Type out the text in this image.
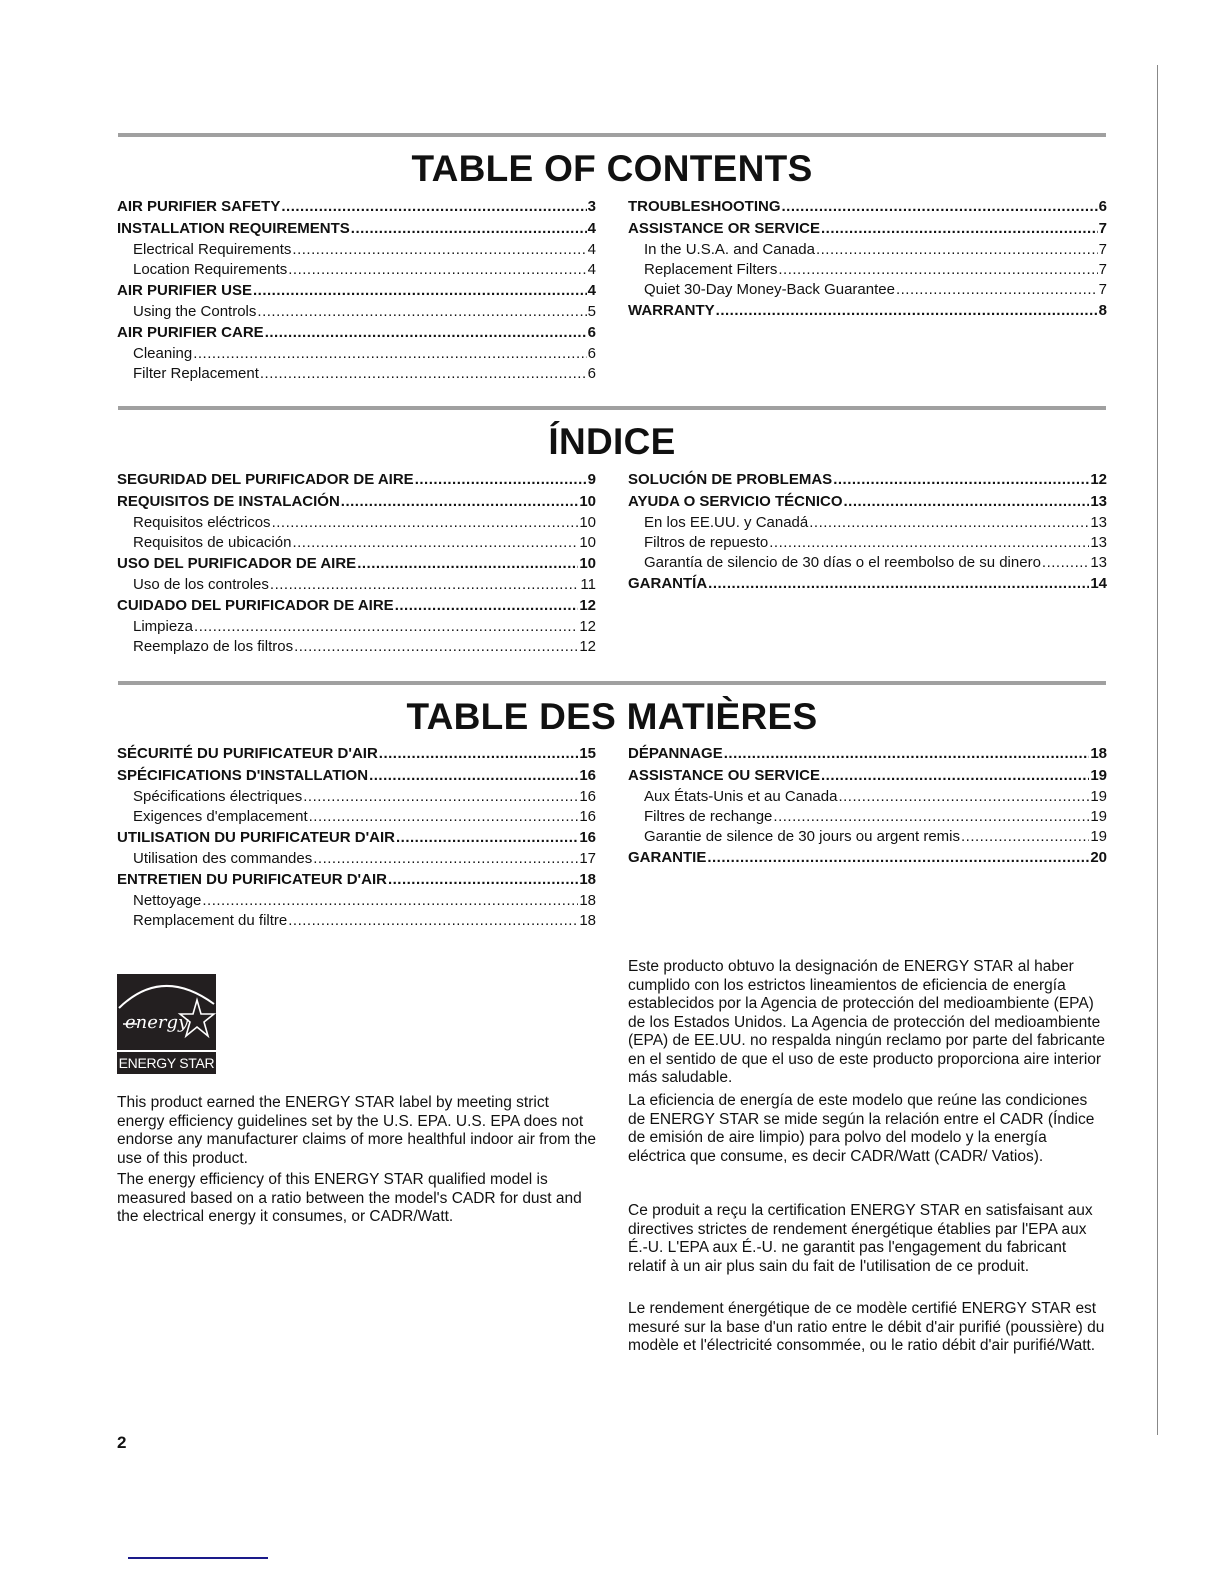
TABLE OF CONTENTS
AIR PURIFIER SAFETY .....	3
INSTALLATION REQUIREMENTS .....	4
Electrical Requirements .....	4
Location Requirements .....	4
AIR PURIFIER USE .....	4
Using the Controls .....	5
AIR PURIFIER CARE .....	6
Cleaning .....	6
Filter Replacement .....	6
TROUBLESHOOTING .....	6
ASSISTANCE OR SERVICE .....	7
In the U.S.A. and Canada .....	7
Replacement Filters .....	7
Quiet 30-Day Money-Back Guarantee .....	7
WARRANTY .....	8
ÍNDICE
SEGURIDAD DEL PURIFICADOR DE AIRE .....	9
REQUISITOS DE INSTALACIÓN .....	10
Requisitos eléctricos .....	10
Requisitos de ubicación .....	10
USO DEL PURIFICADOR DE AIRE .....	10
Uso de los controles .....	11
CUIDADO DEL PURIFICADOR DE AIRE .....	12
Limpieza .....	12
Reemplazo de los filtros .....	12
SOLUCIÓN DE PROBLEMAS .....	12
AYUDA O SERVICIO TÉCNICO .....	13
En los EE.UU. y Canadá .....	13
Filtros de repuesto .....	13
Garantía de silencio de 30 días o el reembolso de su dinero .....	13
GARANTÍA .....	14
TABLE DES MATIÈRES
SÉCURITÉ DU PURIFICATEUR D'AIR .....	15
SPÉCIFICATIONS D'INSTALLATION .....	16
Spécifications électriques .....	16
Exigences d'emplacement .....	16
UTILISATION DU PURIFICATEUR D'AIR .....	16
Utilisation des commandes .....	17
ENTRETIEN DU PURIFICATEUR D'AIR .....	18
Nettoyage .....	18
Remplacement du filtre .....	18
DÉPANNAGE .....	18
ASSISTANCE OU SERVICE .....	19
Aux États-Unis et au Canada .....	19
Filtres de rechange .....	19
Garantie de silence de 30 jours ou argent remis .....	19
GARANTIE .....	20
energy
ENERGY STAR

This product earned the ENERGY STAR label by meeting strict energy efficiency guidelines set by the U.S. EPA. U.S. EPA does not endorse any manufacturer claims of more healthful indoor air from the use of this product.

The energy efficiency of this ENERGY STAR qualified model is measured based on a ratio between the model's CADR for dust and the electrical energy it consumes, or CADR/Watt.

Este producto obtuvo la designación de ENERGY STAR al haber cumplido con los estrictos lineamientos de eficiencia de energía establecidos por la Agencia de protección del medioambiente (EPA) de los Estados Unidos. La Agencia de protección del medioambiente (EPA) de EE.UU. no respalda ningún reclamo por parte del fabricante en el sentido de que el uso de este producto proporciona aire interior más saludable.

La eficiencia de energía de este modelo que reúne las condiciones de ENERGY STAR se mide según la relación entre el CADR (Índice de emisión de aire limpio) para polvo del modelo y la energía eléctrica que consume, es decir CADR/Watt (CADR/ Vatios).

Ce produit a reçu la certification ENERGY STAR en satisfaisant aux directives strictes de rendement énergétique établies par l'EPA aux É.-U. L'EPA aux É.-U. ne garantit pas l'engagement du fabricant relatif à un air plus sain du fait de l'utilisation de ce produit.

Le rendement énergétique de ce modèle certifié ENERGY STAR est mesuré sur la base d'un ratio entre le débit d'air purifié (poussière) du modèle et l'électricité consommée, ou le ratio débit d'air purifié/Watt.

2
